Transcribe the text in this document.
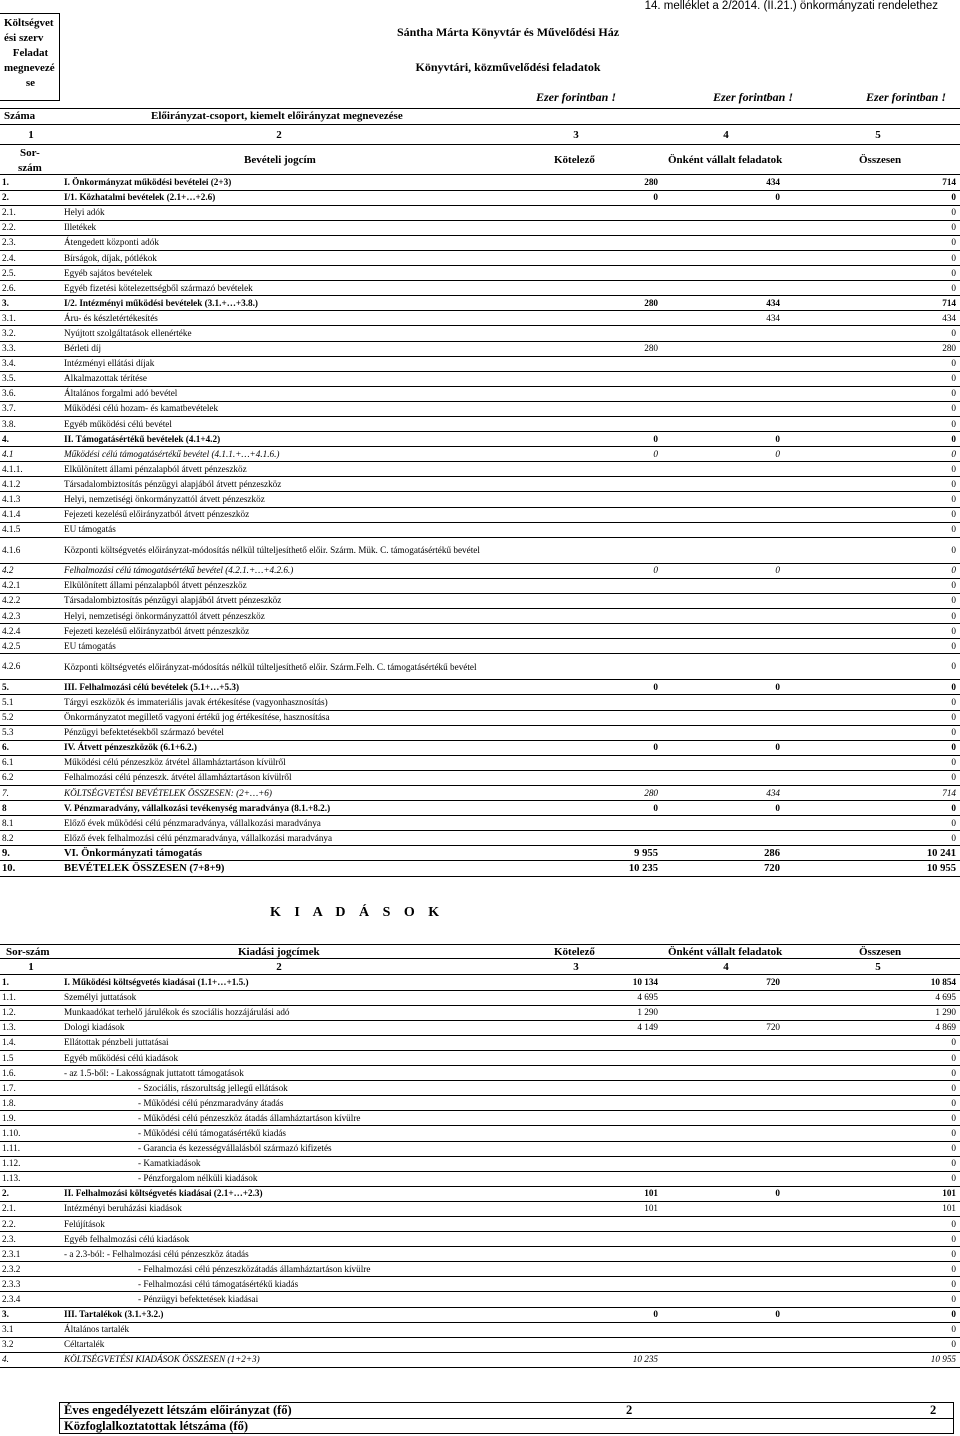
14. melléklet a 2/2014. (II.21.) önkormányzati rendelethez
Költségvet
ési szerv
Feladat
megnevezé
se
Sántha Márta Könyvtár és Művelődési Ház
Könyvtári, közművelődési feladatok
Ezer forintban !	Ezer forintban !	Ezer forintban !
Száma	Előirányzat-csoport, kiemelt előirányzat megnevezése
1	2	3	4	5
Sor-
szám
Bevételi jogcím	Kötelező	Önként vállalt feladatok	Összesen
1.	I. Önkormányzat működési bevételei (2+3)	280	434	714
2.	I/1. Közhatalmi bevételek (2.1+…+2.6)	0	0	0
2.1.	Helyi adók			0
2.2.	Illetékek			0
2.3.	Átengedett központi adók			0
2.4.	Bírságok, díjak, pótlékok			0
2.5.	Egyéb sajátos bevételek			0
2.6.	Egyéb fizetési kötelezettségből származó bevételek			0
3.	I/2. Intézményi működési bevételek (3.1.+…+3.8.)	280	434	714
3.1.	Áru- és készletértékesítés		434	434
3.2.	Nyújtott szolgáltatások ellenértéke			0
3.3.	Bérleti díj	280		280
3.4.	Intézményi ellátási díjak			0
3.5.	Alkalmazottak térítése			0
3.6.	Általános forgalmi adó bevétel			0
3.7.	Működési célú hozam- és kamatbevételek			0
3.8.	Egyéb működési célú bevétel			0
4.	II. Támogatásértékű bevételek (4.1+4.2)	0	0	0
4.1	Működési célú támogatásértékű bevétel (4.1.1.+…+4.1.6.)	0	0	0
4.1.1.	Elkülönített állami pénzalapból átvett pénzeszköz			0
4.1.2	Társadalombiztosítás pénzügyi alapjából átvett pénzeszköz			0
4.1.3	Helyi, nemzetiségi önkormányzattól átvett pénzeszköz			0
4.1.4	Fejezeti kezelésű előirányzatból átvett pénzeszköz			0
4.1.5	EU támogatás			0
4.1.6	Központi költségvetés előirányzat-módosítás nélkül túlteljesíthető előir. Szárm. Mük. C. támogatásértékű bevétel			0
4.2	Felhalmozási célú támogatásértékű bevétel (4.2.1.+…+4.2.6.)	0	0	0
4.2.1	Elkülönített állami pénzalapból átvett pénzeszköz			0
4.2.2	Társadalombiztosítás pénzügyi alapjából átvett pénzeszköz			0
4.2.3	Helyi, nemzetiségi önkormányzattól átvett pénzeszköz			0
4.2.4	Fejezeti kezelésű előirányzatból átvett pénzeszköz			0
4.2.5	EU támogatás			0
4.2.6	Központi költségvetés előirányzat-módosítás nélkül túlteljesíthető előir. Szárm.Felh. C. támogatásértékű bevétel			0
5.	III. Felhalmozási célú bevételek (5.1+…+5.3)	0	0	0
5.1	Tárgyi eszközök és immateriális javak értékesítése (vagyonhasznosítás)			0
5.2	Önkormányzatot megillető vagyoni értékű jog értékesítése, hasznosítása			0
5.3	Pénzügyi befektetésekből származó bevétel			0
6.	IV. Átvett pénzeszközök (6.1+6.2.)	0	0	0
6.1	Működési célú pénzeszköz átvétel államháztartáson kívülről			0
6.2	Felhalmozási célú pénzeszk. átvétel államháztartáson kívülről			0
7.	KÖLTSÉGVETÉSI BEVÉTELEK ÖSSZESEN: (2+…+6)	280	434	714
8	V. Pénzmaradvány, vállalkozási tevékenység maradványa (8.1.+8.2.)	0	0	0
8.1	Előző évek működési célú pénzmaradványa, vállalkozási maradványa			0
8.2	Előző évek felhalmozási célú pénzmaradványa, vállalkozási maradványa			0
9.	VI. Önkormányzati támogatás	9 955	286	10 241
10.	BEVÉTELEK ÖSSZESEN (7+8+9)	10 235	720	10 955
K I A D Á S O K
Sor-szám	Kiadási jogcímek	Kötelező	Önként vállalt feladatok	Összesen
1	2	3	4	5
1.	I. Működési költségvetés kiadásai (1.1+…+1.5.)	10 134	720	10 854
1.1.	Személyi juttatások	4 695		4 695
1.2.	Munkaadókat terhelő járulékok és szociális hozzájárulási adó	1 290		1 290
1.3.	Dologi kiadások	4 149	720	4 869
1.4.	Ellátottak pénzbeli juttatásai			0
1.5	Egyéb működési célú kiadások			0
1.6.	- az 1.5-ből: - Lakosságnak juttatott támogatások			0
1.7.	- Szociális, rászorultság jellegű ellátások			0
1.8.	- Működési célú pénzmaradvány átadás			0
1.9.	- Működési célú pénzeszköz átadás államháztartáson kívülre			0
1.10.	- Működési célú támogatásértékű kiadás			0
1.11.	- Garancia és kezességvállalásból származó kifizetés			0
1.12.	- Kamatkiadások			0
1.13.	- Pénzforgalom nélküli kiadások			0
2.	II. Felhalmozási költségvetés kiadásai (2.1+…+2.3)	101	0	101
2.1.	Intézményi beruházási kiadások	101		101
2.2.	Felújítások			0
2.3.	Egyéb felhalmozási célú kiadások			0
2.3.1	- a 2.3-ból: - Felhalmozási célú pénzeszköz átadás			0
2.3.2	- Felhalmozási célú pénzeszközátadás államháztartáson kívülre			0
2.3.3	- Felhalmozási célú támogatásértékű kiadás			0
2.3.4	- Pénzügyi befektetések kiadásai			0
3.	III. Tartalékok (3.1.+3.2.)	0	0	0
3.1	Általános tartalék			0
3.2	Céltartalék			0
4.	KÖLTSÉGVETÉSI KIADÁSOK ÖSSZESEN (1+2+3)	10 235		10 955
Éves engedélyezett létszám előirányzat (fő)	2	2
Közfoglalkoztatottak létszáma (fő)
